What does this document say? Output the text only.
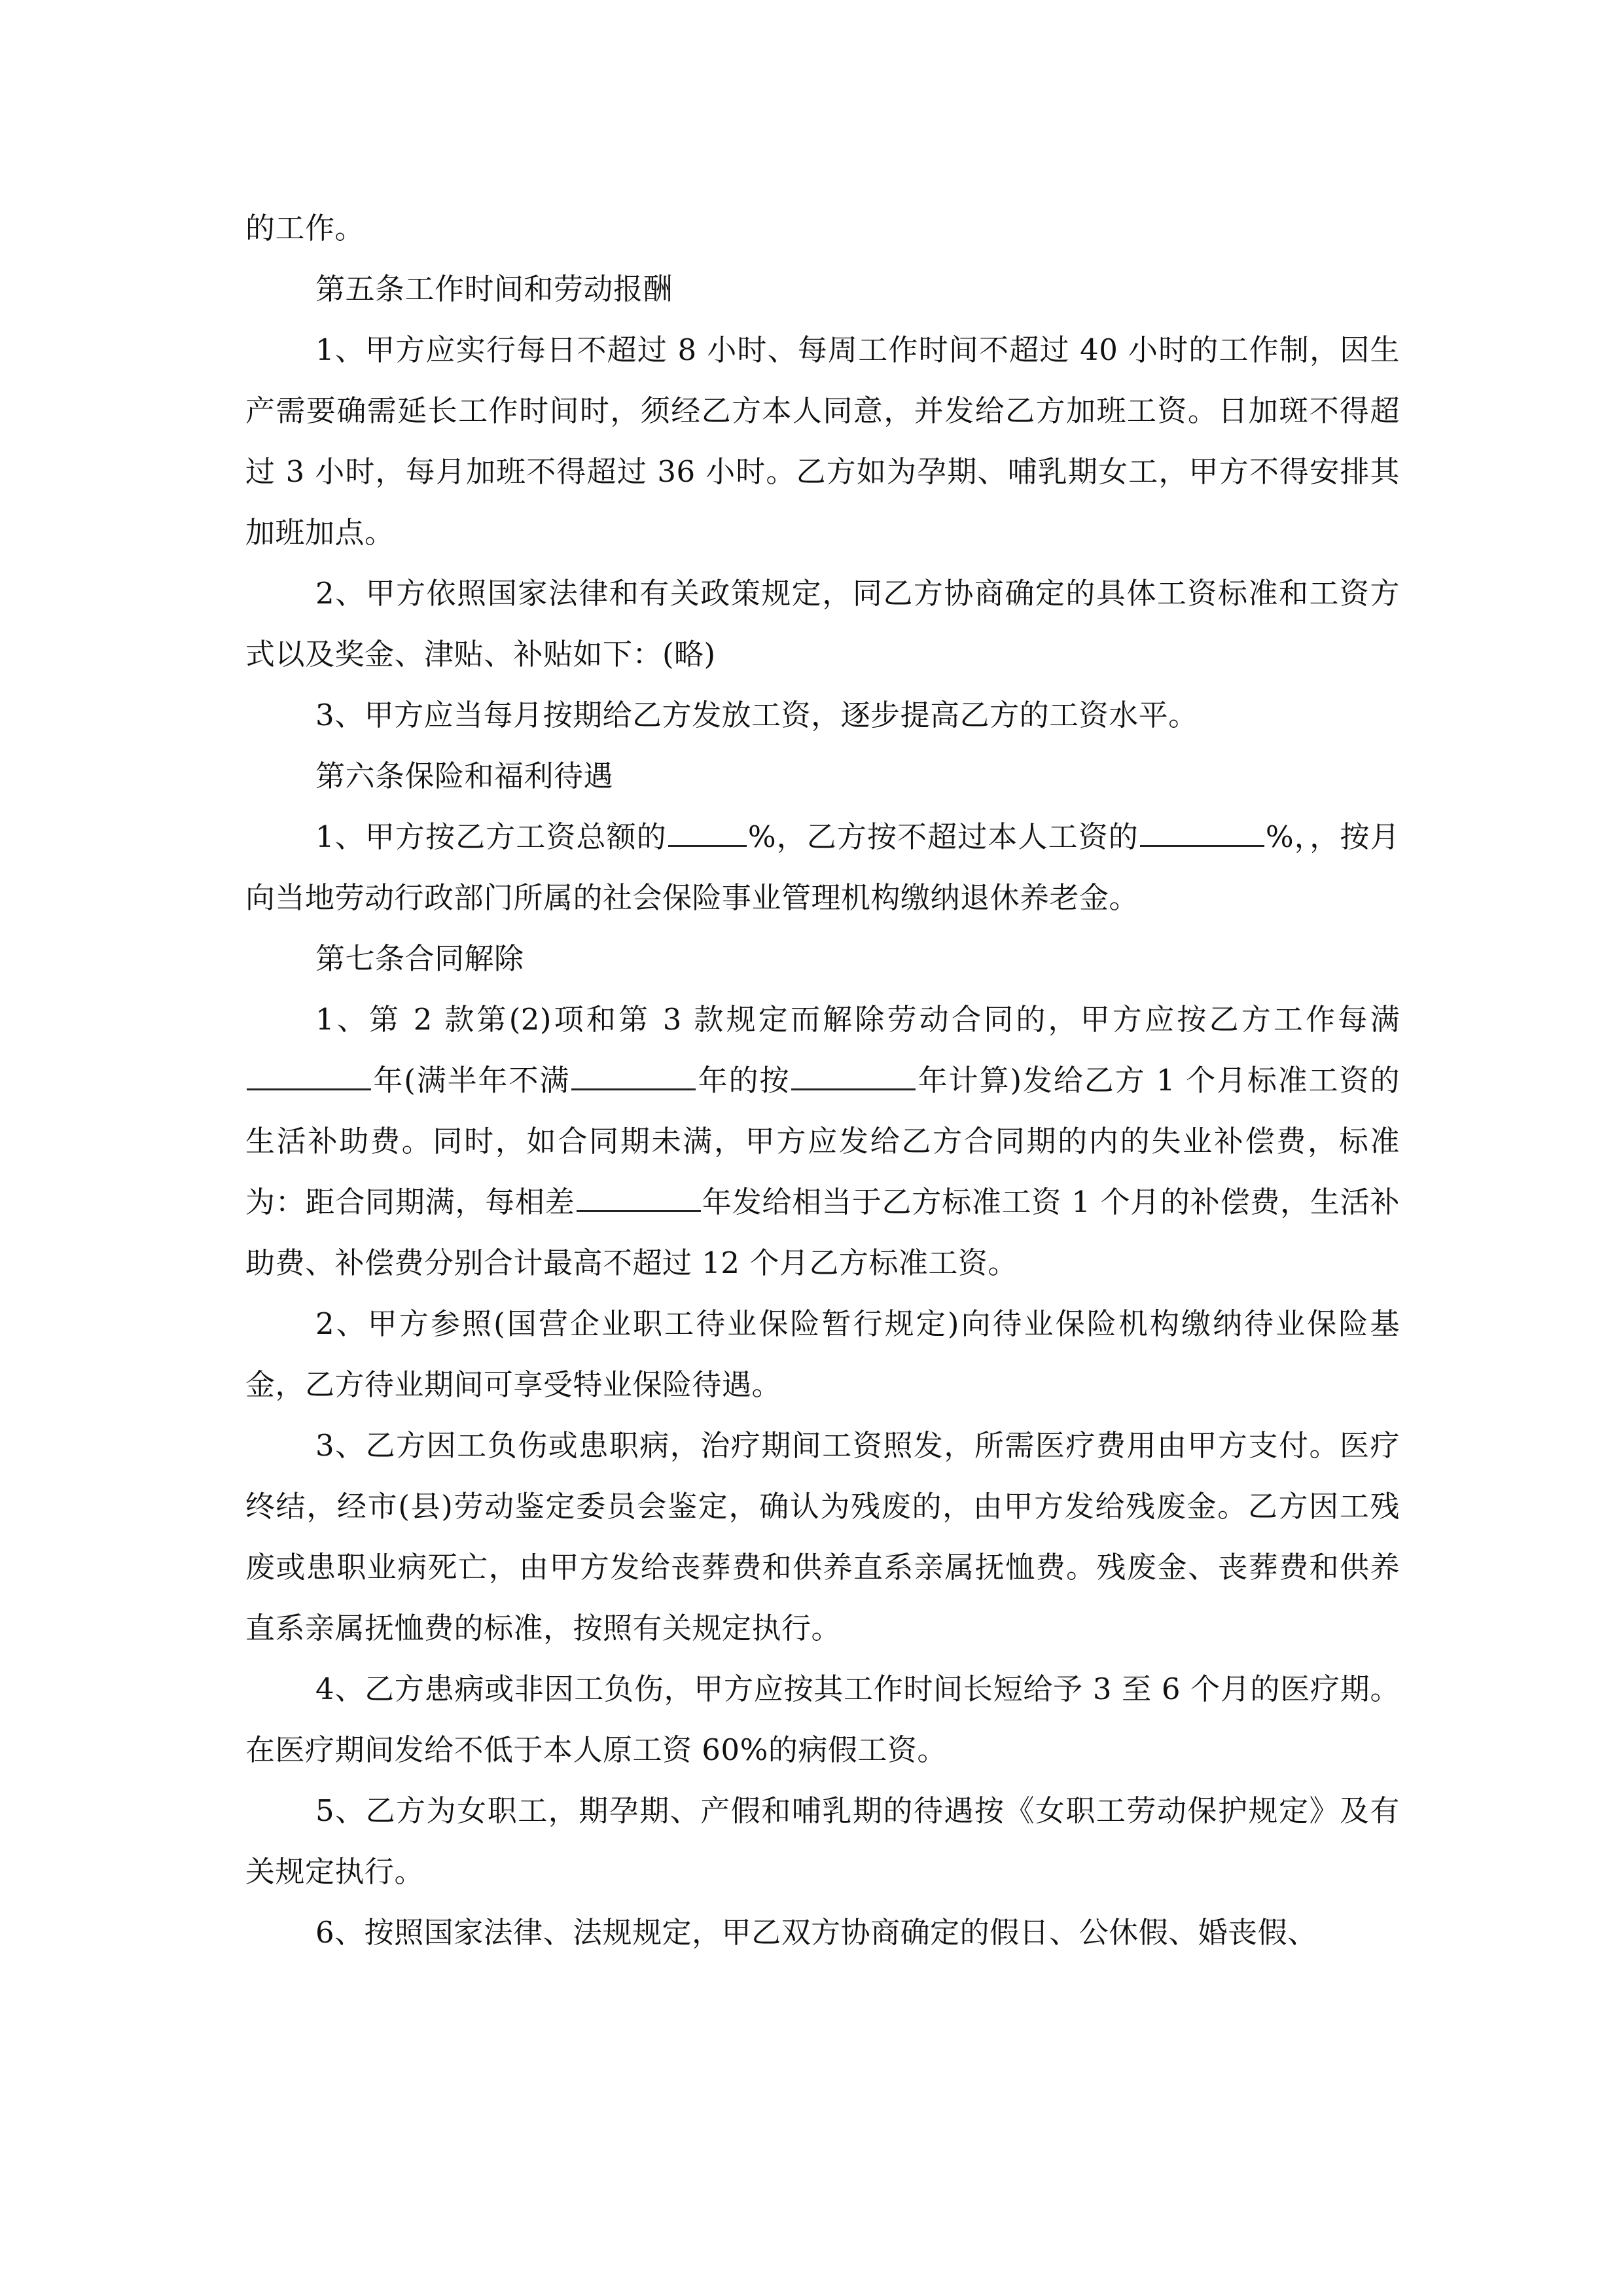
的工作。

第五条工作时间和劳动报酬

1、甲方应实行每日不超过 8 小时、每周工作时间不超过 40 小时的工作制，因生产需要确需延长工作时间时，须经乙方本人同意，并发给乙方加班工资。日加斑不得超过 3 小时，每月加班不得超过 36 小时。乙方如为孕期、哺乳期女工，甲方不得安排其加班加点。

2、甲方依照国家法律和有关政策规定，同乙方协商确定的具体工资标准和工资方式以及奖金、津贴、补贴如下：(略)

3、甲方应当每月按期给乙方发放工资，逐步提高乙方的工资水平。

第六条保险和福利待遇

1、甲方按乙方工资总额的	%，乙方按不超过本人工资的	%，，按月向当地劳动行政部门所属的社会保险事业管理机构缴纳退休养老金。

第七条合同解除

1、第 2 款第(2)项和第 3 款规定而解除劳动合同的，甲方应按乙方工作每满年(满半年不满	年的按	年计算)发给乙方 1 个月标准工资的生活补助费。同时，如合同期未满，甲方应发给乙方合同期的内的失业补偿费，标准为：距合同期满，每相差	年发给相当于乙方标准工资 1 个月的补偿费，生活补助费、补偿费分别合计最高不超过 12 个月乙方标准工资。

2、甲方参照(国营企业职工待业保险暂行规定)向待业保险机构缴纳待业保险基金，乙方待业期间可享受特业保险待遇。

3、乙方因工负伤或患职病，治疗期间工资照发，所需医疗费用由甲方支付。医疗终结，经市(县)劳动鉴定委员会鉴定，确认为残废的，由甲方发给残废金。乙方因工残废或患职业病死亡，由甲方发给丧葬费和供养直系亲属抚恤费。残废金、丧葬费和供养直系亲属抚恤费的标准，按照有关规定执行。

4、乙方患病或非因工负伤，甲方应按其工作时间长短给予 3 至 6 个月的医疗期。在医疗期间发给不低于本人原工资 60%的病假工资。

5、乙方为女职工，期孕期、产假和哺乳期的待遇按《女职工劳动保护规定》及有关规定执行。

6、按照国家法律、法规规定，甲乙双方协商确定的假日、公休假、婚丧假、
